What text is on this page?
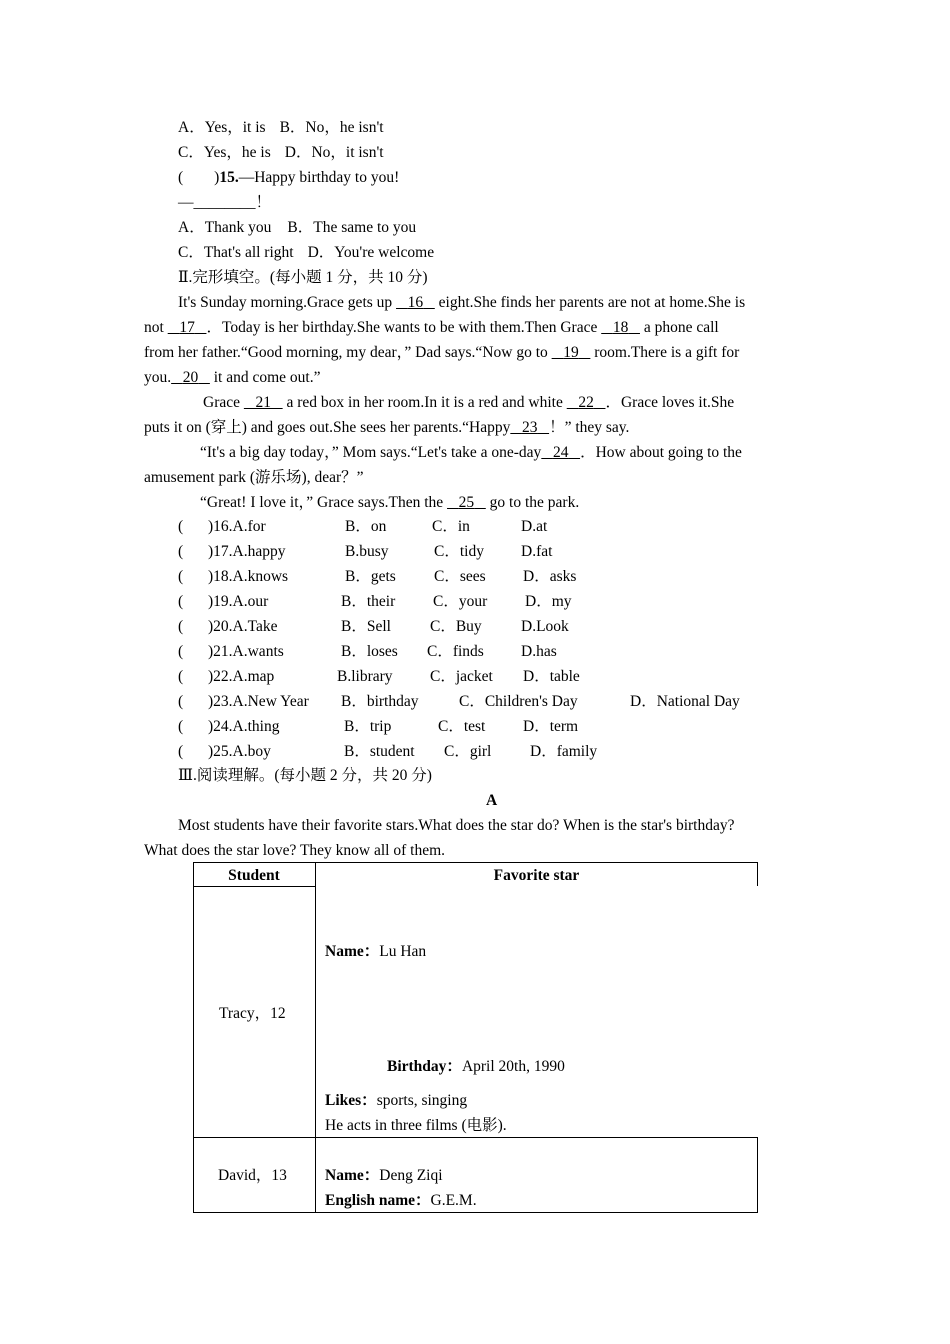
A．Yes，it is B．No，he isn't
C．Yes，he is D．No，it isn't
(　　)15.—Happy birthday to you!
—________！
A．Thank you B．The same to you
C．That's all right D．You're welcome
Ⅱ.完形填空。(每小题 1 分，共 10 分)
It's Sunday morning.Grace gets up    16    eight.She finds her parents are not at home.She is
not    17 ．Today is her birthday.She wants to be with them.Then Grace    18    a phone call
from her father.“Good morning, my dear，” Dad says.“Now go to    19    room.There is a gift for
you. 20    it and come out.”
Grace    21    a red box in her room.In it is a red and white    22 ．Grace loves it.She
puts it on (穿上) and goes out.She sees her parents.“Happy 23 ！” they say.
“It's a big day today，” Mom says.“Let's take a one-day 24 ．How about going to the
amusement park (游乐场), dear？”
“Great! I love it，” Grace says.Then the    25    go to the park.
( )16.A.for	B．on	C．in	D.at
( )17.A.happy	B.busy	C．tidy D.fat
( )18.A.knows	B．gets C．sees D．asks
( )19.A.our	B．their C．your D．my
( )20.A.Take	B．Sell	C．Buy	D.Look
( )21.A.wants	B．loses C．finds D.has
( )22.A.map	B.library C．jacket D．table
( )23.A.New Year B．birthday	C．Children's Day	D．National Day
( )24.A.thing	B．trip	C．test D．term
( )25.A.boy	B．student C．girl D．family
Ⅲ.阅读理解。(每小题 2 分，共 20 分)
A
Most students have their favorite stars.What does the star do? When is the star's birthday?
What does the star love? They know all of them.
Student	Favorite star
Tracy，12
Name：Lu Han
Birthday：April 20th, 1990
Likes：sports, singing
He acts in three films (电影).
David，13 Name：Deng Ziqi
English name：G.E.M.
